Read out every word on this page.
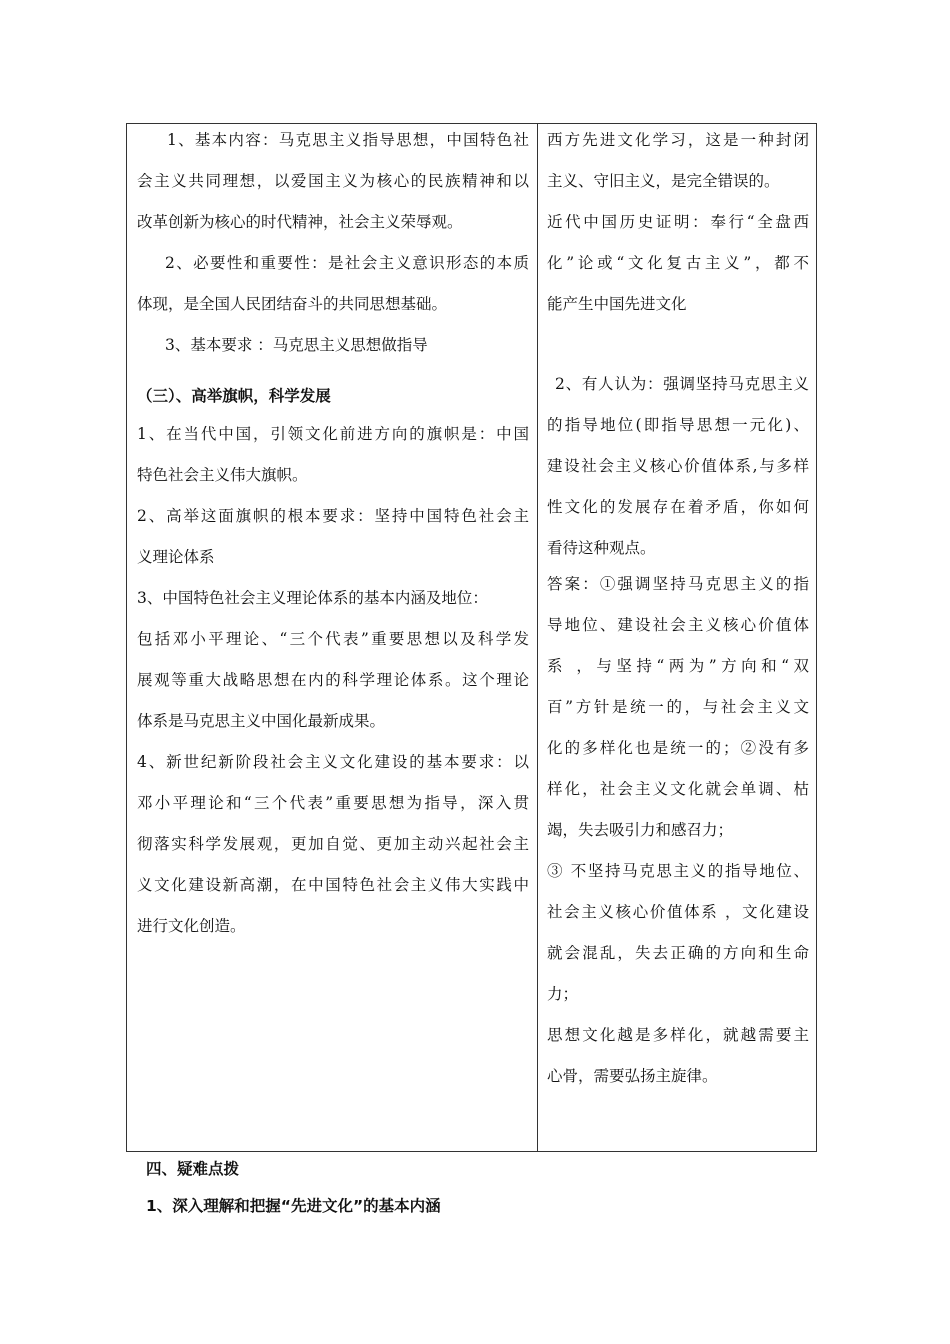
1、基本内容：马克思主义指导思想，中国特色社
会主义共同理想，以爱国主义为核心的民族精神和以
改革创新为核心的时代精神，社会主义荣辱观。
2、必要性和重要性：是社会主义意识形态的本质
体现，是全国人民团结奋斗的共同思想基础。
3、基本要求 ：马克思主义思想做指导
（三）、高举旗帜，科学发展
1、在当代中国，引领文化前进方向的旗帜是：中国
特色社会主义伟大旗帜。
2、高举这面旗帜的根本要求：坚持中国特色社会主
义理论体系
3、中国特色社会主义理论体系的基本内涵及地位：
包括邓小平理论、“三个代表”重要思想以及科学发
展观等重大战略思想在内的科学理论体系。这个理论
体系是马克思主义中国化最新成果。
4、新世纪新阶段社会主义文化建设的基本要求：以
邓小平理论和“三个代表”重要思想为指导，深入贯
彻落实科学发展观，更加自觉、更加主动兴起社会主
义文化建设新高潮，在中国特色社会主义伟大实践中
进行文化创造。
西方先进文化学习，这是一种封闭
主义、守旧主义，是完全错误的。
近代中国历史证明：奉行“全盘西
化”论或“文化复古主义”，都不
能产生中国先进文化
2、有人认为：强调坚持马克思主义
的指导地位(即指导思想一元化)、
建设社会主义核心价值体系,与多样
性文化的发展存在着矛盾，你如何
看待这种观点。
答案：①强调坚持马克思主义的指
导地位、建设社会主义核心价值体
系 ，与坚持“两为”方向和“双
百”方针是统一的，与社会主义文
化的多样化也是统一的；②没有多
样化，社会主义文化就会单调、枯
竭，失去吸引力和感召力；
③ 不坚持马克思主义的指导地位、
社会主义核心价值体系 ，文化建设
就会混乱，失去正确的方向和生命
力；
思想文化越是多样化，就越需要主
心骨，需要弘扬主旋律。
四、疑难点拨
1、深入理解和把握“先进文化”的基本内涵
